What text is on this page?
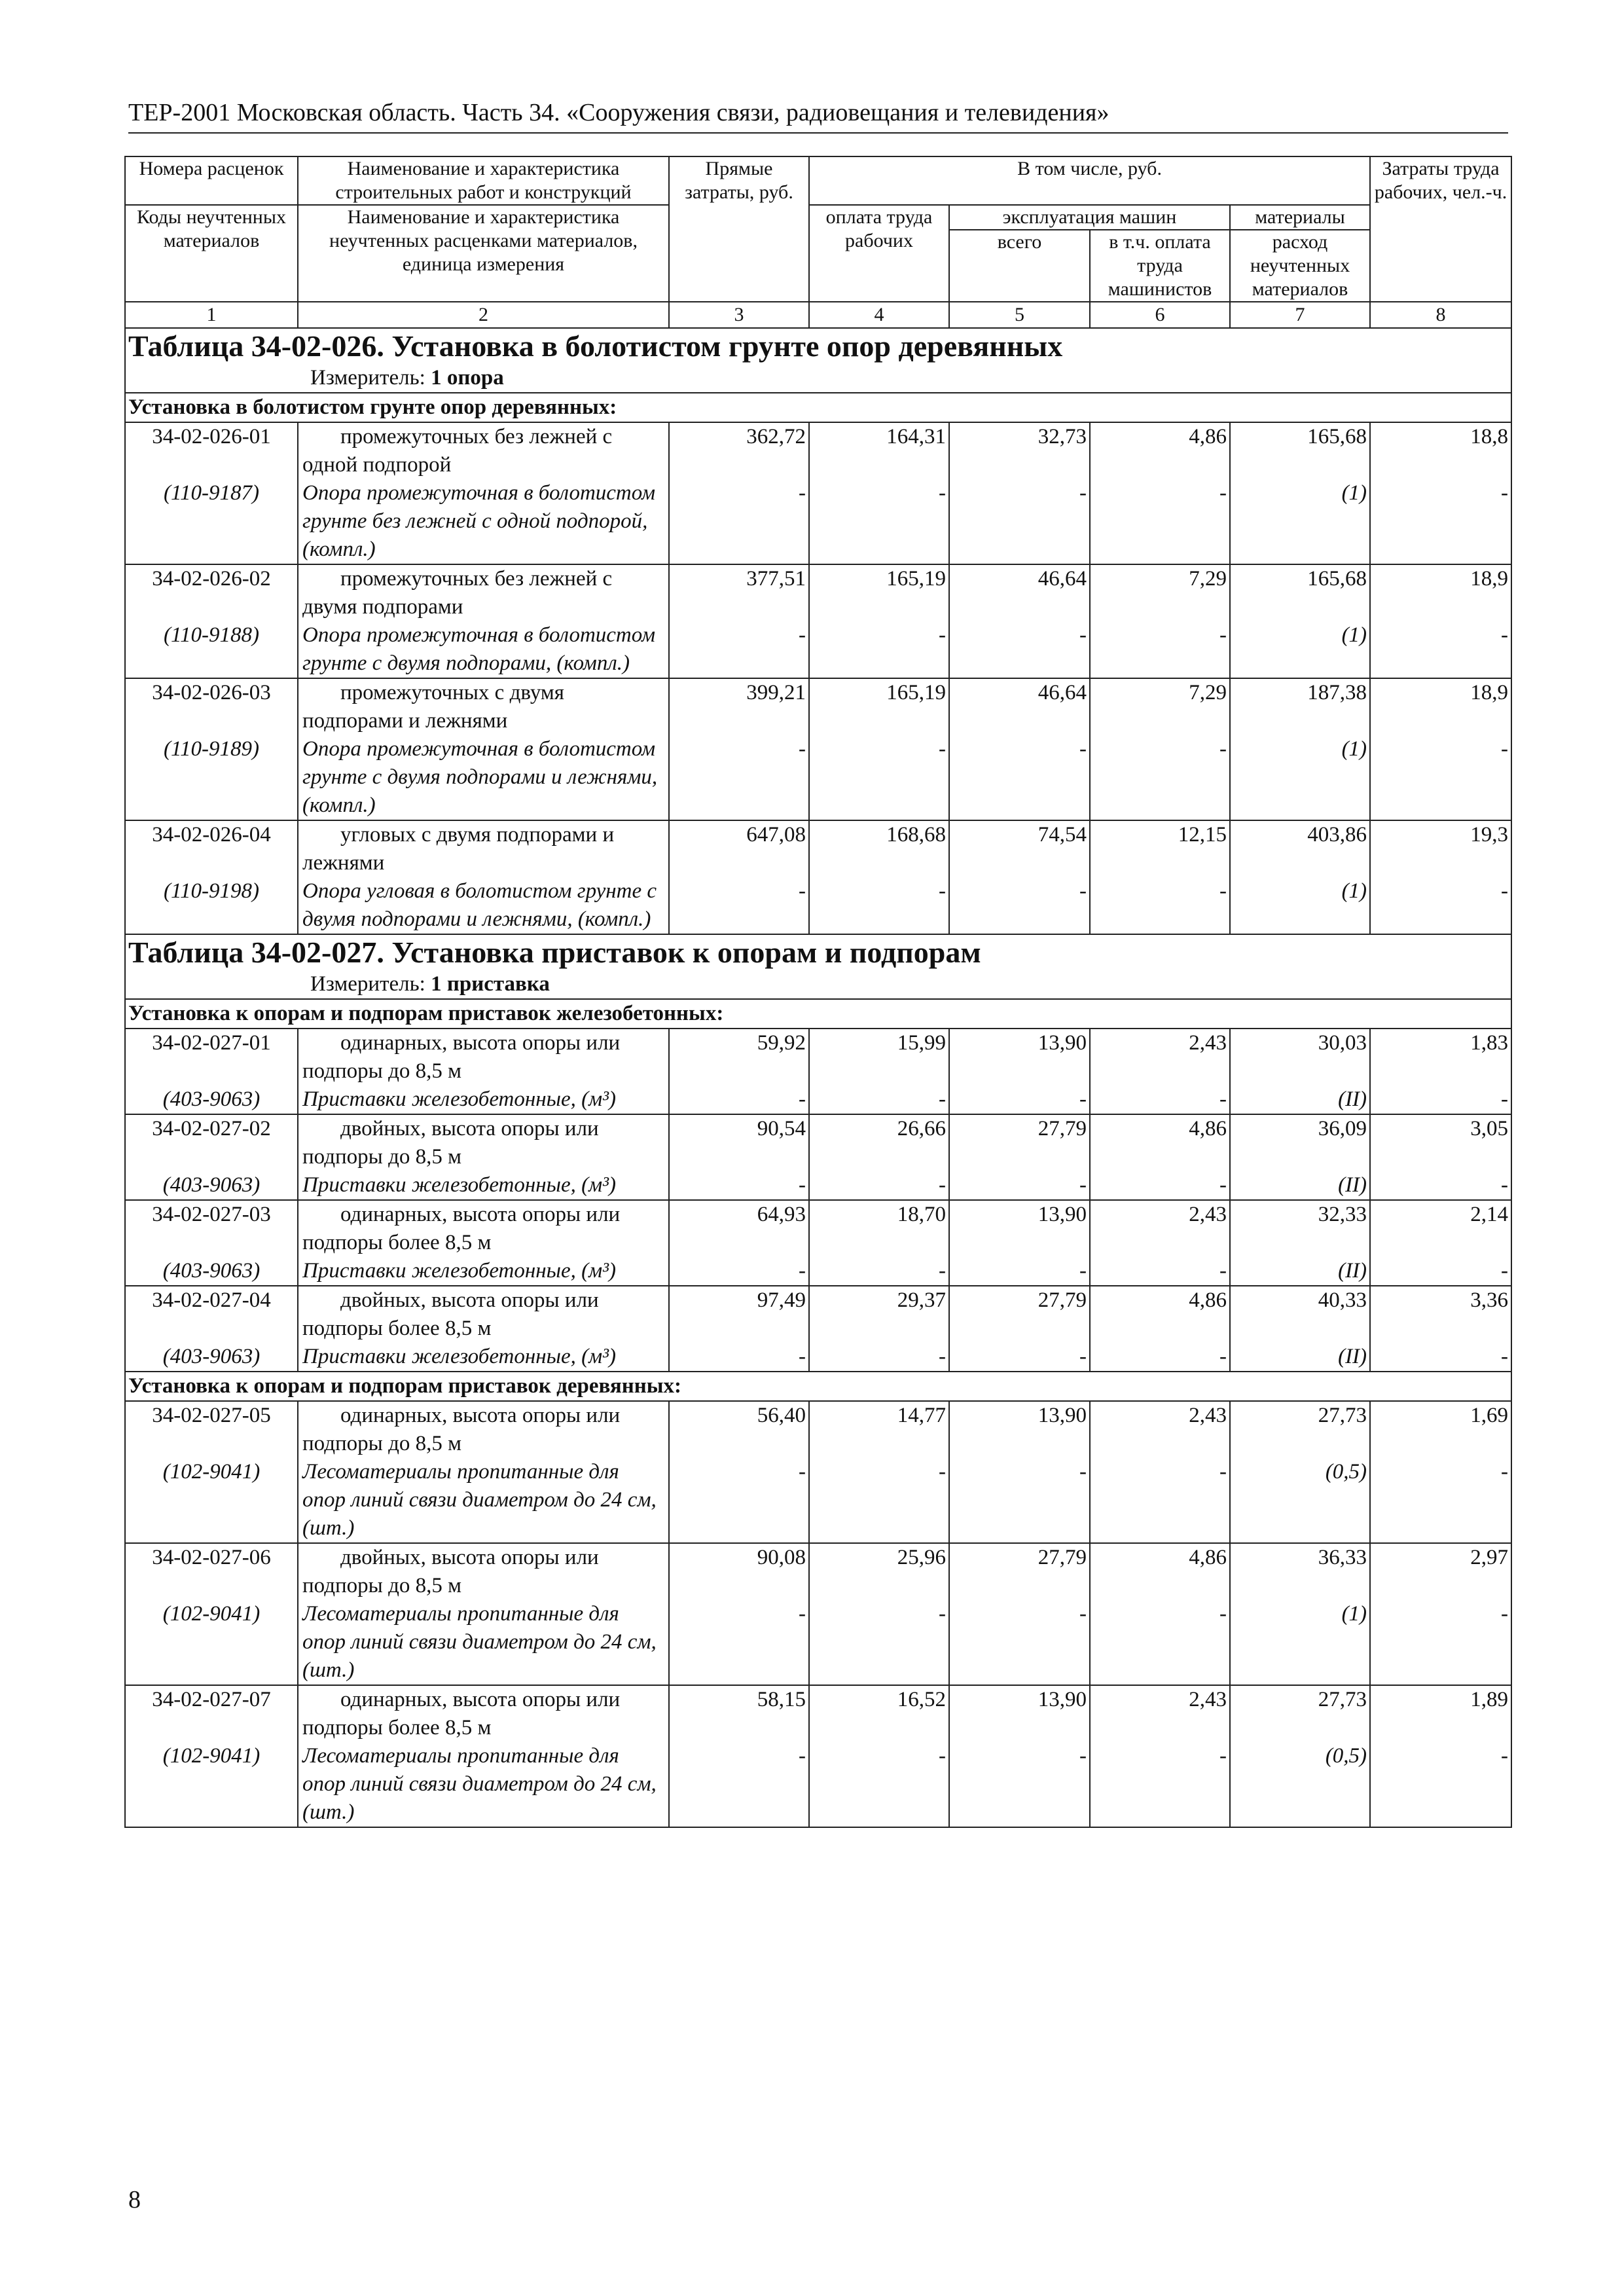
ТЕР-2001 Московская область. Часть 34. «Сооружения связи, радиовещания и телевидения»
Номера расценок	Наименование и характеристика строительных работ и конструкций	Прямые затраты, руб.	В том числе, руб.				Затраты труда рабочих, чел.-ч.
Коды неучтенных материалов	Наименование и характеристика неучтенных расценками материалов, единица измерения		оплата труда рабочих	эксплуатация машин		материалы	
				всего	в т.ч. оплата труда машинистов	расход неучтенных материалов	
1	2	3	4	5	6	7	8
Таблица 34-02-026. Установка в болотистом грунте опор деревянных							
Измеритель: 1 опора							
Установка в болотистом грунте опор деревянных:							
34-02-026-01	промежуточных без лежней с одной подпорой	362,72	164,31	32,73	4,86	165,68	18,8
(110-9187)	Опора промежуточная в болотистом грунте без лежней с одной подпорой, (компл.)	-	-	-	-	(1)	-
34-02-026-02	промежуточных без лежней с двумя подпорами	377,51	165,19	46,64	7,29	165,68	18,9
(110-9188)	Опора промежуточная в болотистом грунте с двумя подпорами, (компл.)	-	-	-	-	(1)	-
34-02-026-03	промежуточных с двумя подпорами и лежнями	399,21	165,19	46,64	7,29	187,38	18,9
(110-9189)	Опора промежуточная в болотистом грунте с двумя подпорами и лежнями, (компл.)	-	-	-	-	(1)	-
34-02-026-04	угловых с двумя подпорами и лежнями	647,08	168,68	74,54	12,15	403,86	19,3
(110-9198)	Опора угловая в болотистом грунте с двумя подпорами и лежнями, (компл.)	-	-	-	-	(1)	-
Таблица 34-02-027. Установка приставок к опорам и подпорам							
Измеритель: 1 приставка							
Установка к опорам и подпорам приставок железобетонных:							
34-02-027-01	одинарных, высота опоры или подпоры до 8,5 м	59,92	15,99	13,90	2,43	30,03	1,83
(403-9063)	Приставки железобетонные, (м³)	-	-	-	-	(II)	-
34-02-027-02	двойных, высота опоры или подпоры до 8,5 м	90,54	26,66	27,79	4,86	36,09	3,05
(403-9063)	Приставки железобетонные, (м³)	-	-	-	-	(II)	-
34-02-027-03	одинарных, высота опоры или подпоры более 8,5 м	64,93	18,70	13,90	2,43	32,33	2,14
(403-9063)	Приставки железобетонные, (м³)	-	-	-	-	(II)	-
34-02-027-04	двойных, высота опоры или подпоры более 8,5 м	97,49	29,37	27,79	4,86	40,33	3,36
(403-9063)	Приставки железобетонные, (м³)	-	-	-	-	(II)	-
Установка к опорам и подпорам приставок деревянных:							
34-02-027-05	одинарных, высота опоры или подпоры до 8,5 м	56,40	14,77	13,90	2,43	27,73	1,69
(102-9041)	Лесоматериалы пропитанные для опор линий связи диаметром до 24 см, (шт.)	-	-	-	-	(0,5)	-
34-02-027-06	двойных, высота опоры или подпоры до 8,5 м	90,08	25,96	27,79	4,86	36,33	2,97
(102-9041)	Лесоматериалы пропитанные для опор линий связи диаметром до 24 см, (шт.)	-	-	-	-	(1)	-
34-02-027-07	одинарных, высота опоры или подпоры более 8,5 м	58,15	16,52	13,90	2,43	27,73	1,89
(102-9041)	Лесоматериалы пропитанные для опор линий связи диаметром до 24 см, (шт.)	-	-	-	-	(0,5)	-
8
